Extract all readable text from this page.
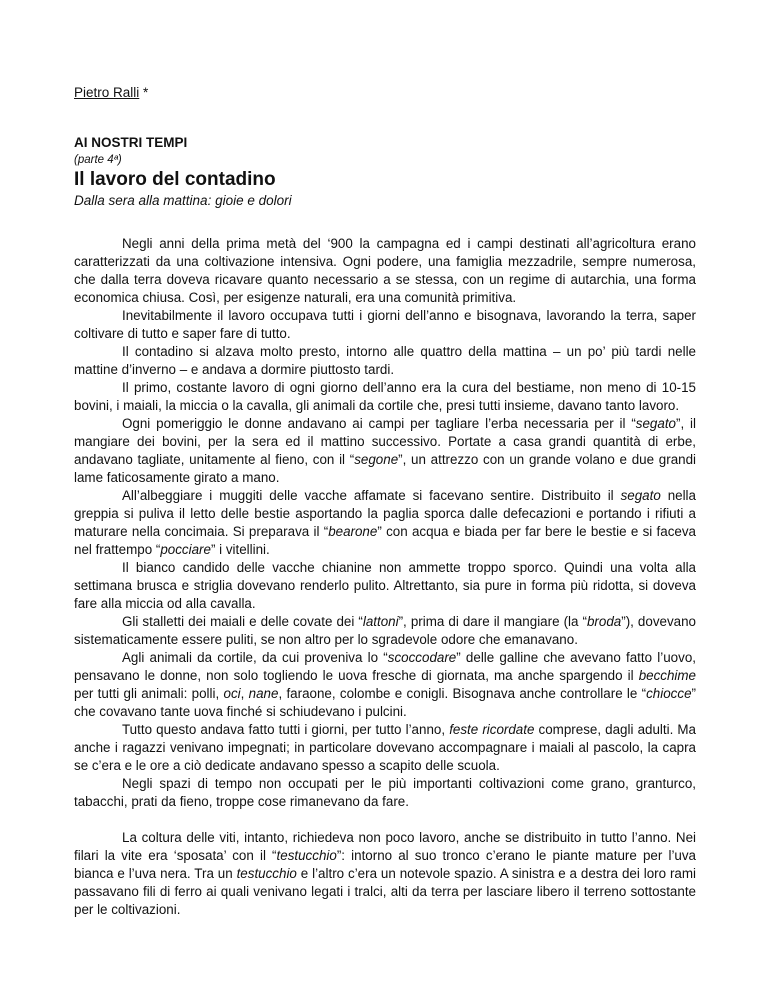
Pietro Ralli *
AI NOSTRI TEMPI
(parte 4ª)
Il lavoro del contadino
Dalla sera alla mattina: gioie e dolori

Negli anni della prima metà del ‘900 la campagna ed i campi destinati all’agricoltura erano caratterizzati da una coltivazione intensiva. Ogni podere, una famiglia mezzadrile, sempre numerosa, che dalla terra doveva ricavare quanto necessario a se stessa, con un regime di autarchia, una forma economica chiusa. Così, per esigenze naturali, era una comunità primitiva.

Inevitabilmente il lavoro occupava tutti i giorni dell’anno e bisognava, lavorando la terra, saper coltivare di tutto e saper fare di tutto.

Il contadino si alzava molto presto, intorno alle quattro della mattina – un po’ più tardi nelle mattine d’inverno – e andava a dormire piuttosto tardi.

Il primo, costante lavoro di ogni giorno dell’anno era la cura del bestiame, non meno di 10-15 bovini, i maiali, la miccia o la cavalla, gli animali da cortile che, presi tutti insieme, davano tanto lavoro.

Ogni pomeriggio le donne andavano ai campi per tagliare l’erba necessaria per il “segato”, il mangiare dei bovini, per la sera ed il mattino successivo. Portate a casa grandi quantità di erbe, andavano tagliate, unitamente al fieno, con il “segone”, un attrezzo con un grande volano e due grandi lame faticosamente girato a mano.

All’albeggiare i muggiti delle vacche affamate si facevano sentire. Distribuito il segato nella greppia si puliva il letto delle bestie asportando la paglia sporca dalle defecazioni e portando i rifiuti a maturare nella concimaia. Si preparava il “bearone” con acqua e biada per far bere le bestie e si faceva nel frattempo “pocciare” i vitellini.

Il bianco candido delle vacche chianine non ammette troppo sporco. Quindi una volta alla settimana brusca e striglia dovevano renderlo pulito. Altrettanto, sia pure in forma più ridotta, si doveva fare alla miccia od alla cavalla.

Gli stalletti dei maiali e delle covate dei “lattoni”, prima di dare il mangiare (la “broda”), dovevano sistematicamente essere puliti, se non altro per lo sgradevole odore che emanavano.

Agli animali da cortile, da cui proveniva lo “scoccodare” delle galline che avevano fatto l’uovo, pensavano le donne, non solo togliendo le uova fresche di giornata, ma anche spargendo il becchime per tutti gli animali: polli, oci, nane, faraone, colombe e conigli. Bisognava anche controllare le “chiocce” che covavano tante uova finché si schiudevano i pulcini.

Tutto questo andava fatto tutti i giorni, per tutto l’anno, feste ricordate comprese, dagli adulti. Ma anche i ragazzi venivano impegnati; in particolare dovevano accompagnare i maiali al pascolo, la capra se c’era e le ore a ciò dedicate andavano spesso a scapito delle scuola.

Negli spazi di tempo non occupati per le più importanti coltivazioni come grano, granturco, tabacchi, prati da fieno, troppe cose rimanevano da fare.

La coltura delle viti, intanto, richiedeva non poco lavoro, anche se distribuito in tutto l’anno. Nei filari la vite era ‘sposata’ con il “testucchio”: intorno al suo tronco c’erano le piante mature per l’uva bianca e l’uva nera. Tra un testucchio e l’altro c’era un notevole spazio. A sinistra e a destra dei loro rami passavano fili di ferro ai quali venivano legati i tralci, alti da terra per lasciare libero il terreno sottostante per le coltivazioni.
